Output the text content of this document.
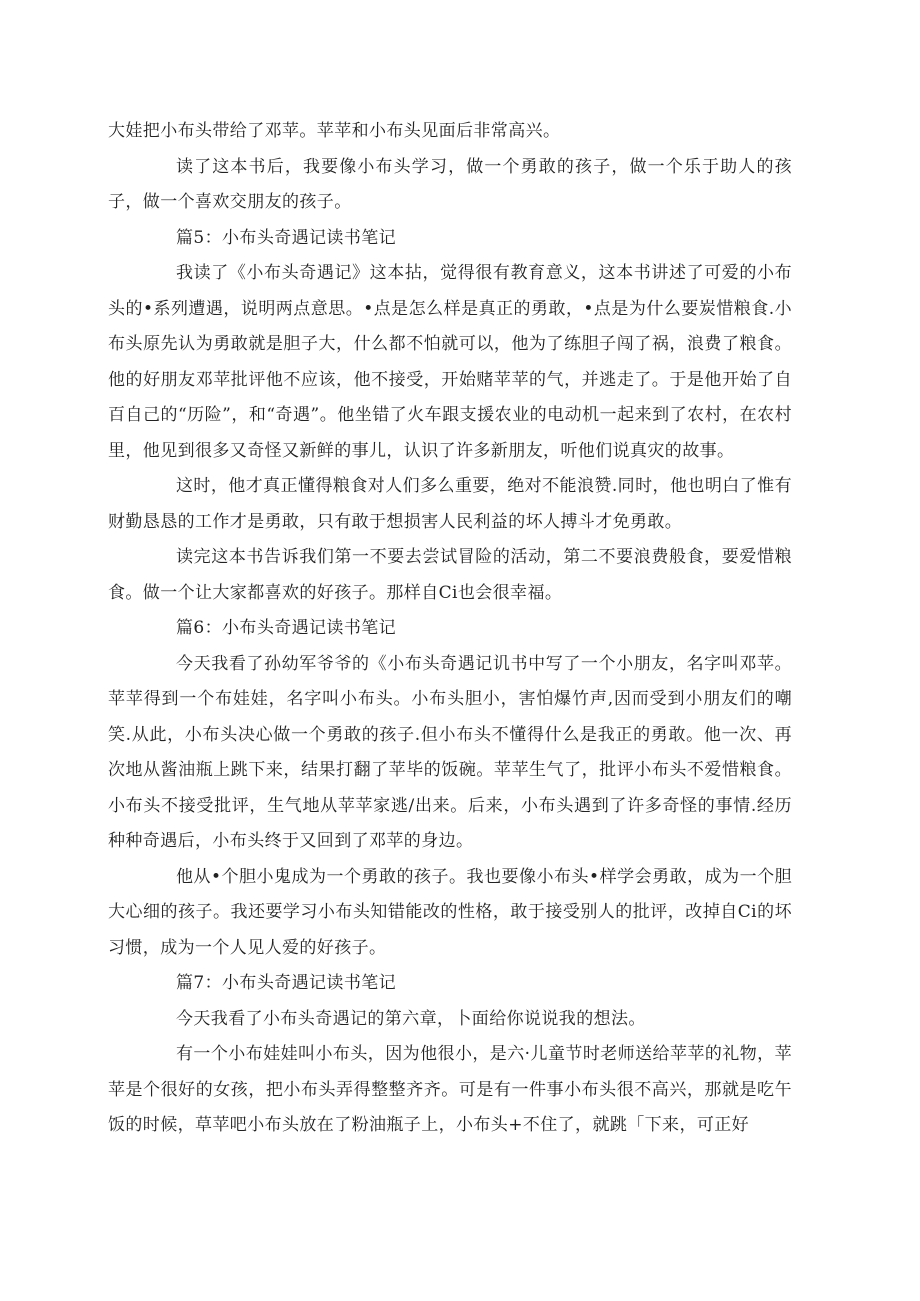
大娃把小布头带给了邓苹。苹苹和小布头见面后非常高兴。

读了这本书后，我要像小布头学习，做一个勇敢的孩子，做一个乐于助人的孩子，做一个喜欢交朋友的孩子。

篇5：小布头奇遇记读书笔记

我读了《小布头奇遇记》这本拈，觉得很有教育意义，这本书讲述了可爱的小布头的•系列遭遇，说明两点意思。•点是怎么样是真正的勇敢，•点是为什么要炭惜粮食.小布头原先认为勇敢就是胆子大，什么都不怕就可以，他为了练胆子闯了祸，浪费了粮食。他的好朋友邓苹批评他不应该，他不接受，开始赌苹苹的气，并逃走了。于是他开始了自百自己的“历险”，和“奇遇”。他坐错了火车跟支援农业的电动机一起来到了农村，在农村里，他见到很多又奇怪又新鲜的事儿，认识了许多新朋友，听他们说真灾的故事。

这时，他才真正懂得粮食对人们多么重要，绝对不能浪赞.同时，他也明白了惟有财勤恳恳的工作才是勇敢，只有敢于想损害人民利益的坏人搏斗才免勇敢。

读完这本书告诉我们第一不要去尝试冒险的活动，第二不要浪费般食，要爱惜粮食。做一个让大家都喜欢的好孩子。那样自Ci也会很幸福。

篇6：小布头奇遇记读书笔记

今天我看了孙幼军爷爷的《小布头奇遇记讥书中写了一个小朋友，名字叫邓苹。苹苹得到一个布娃娃，名字叫小布头。小布头胆小，害怕爆竹声,因而受到小朋友们的嘲笑.从此，小布头决心做一个勇敢的孩子.但小布头不懂得什么是我正的勇敢。他一次、再次地从酱油瓶上跳下来，结果打翻了苹毕的饭碗。苹苹生气了，批评小布头不爱惜粮食。小布头不接受批评，生气地从苹苹家逃/出来。后来，小布头遇到了许多奇怪的事情.经历种种奇遇后，小布头终于又回到了邓苹的身边。

他从•个胆小鬼成为一个勇敢的孩子。我也要像小布头•样学会勇敢，成为一个胆大心细的孩子。我还要学习小布头知错能改的性格，敢于接受别人的批评，改掉自Ci的坏习惯，成为一个人见人爱的好孩子。

篇7：小布头奇遇记读书笔记

今天我看了小布头奇遇记的第六章，卜面给你说说我的想法。

有一个小布娃娃叫小布头，因为他很小，是六·儿童节时老师送给苹苹的礼物，苹苹是个很好的女孩，把小布头弄得整整齐齐。可是有一件事小布头很不高兴，那就是吃午饭的时候，草苹吧小布头放在了粉油瓶子上，小布头+不住了，就跳「下来，可正好
